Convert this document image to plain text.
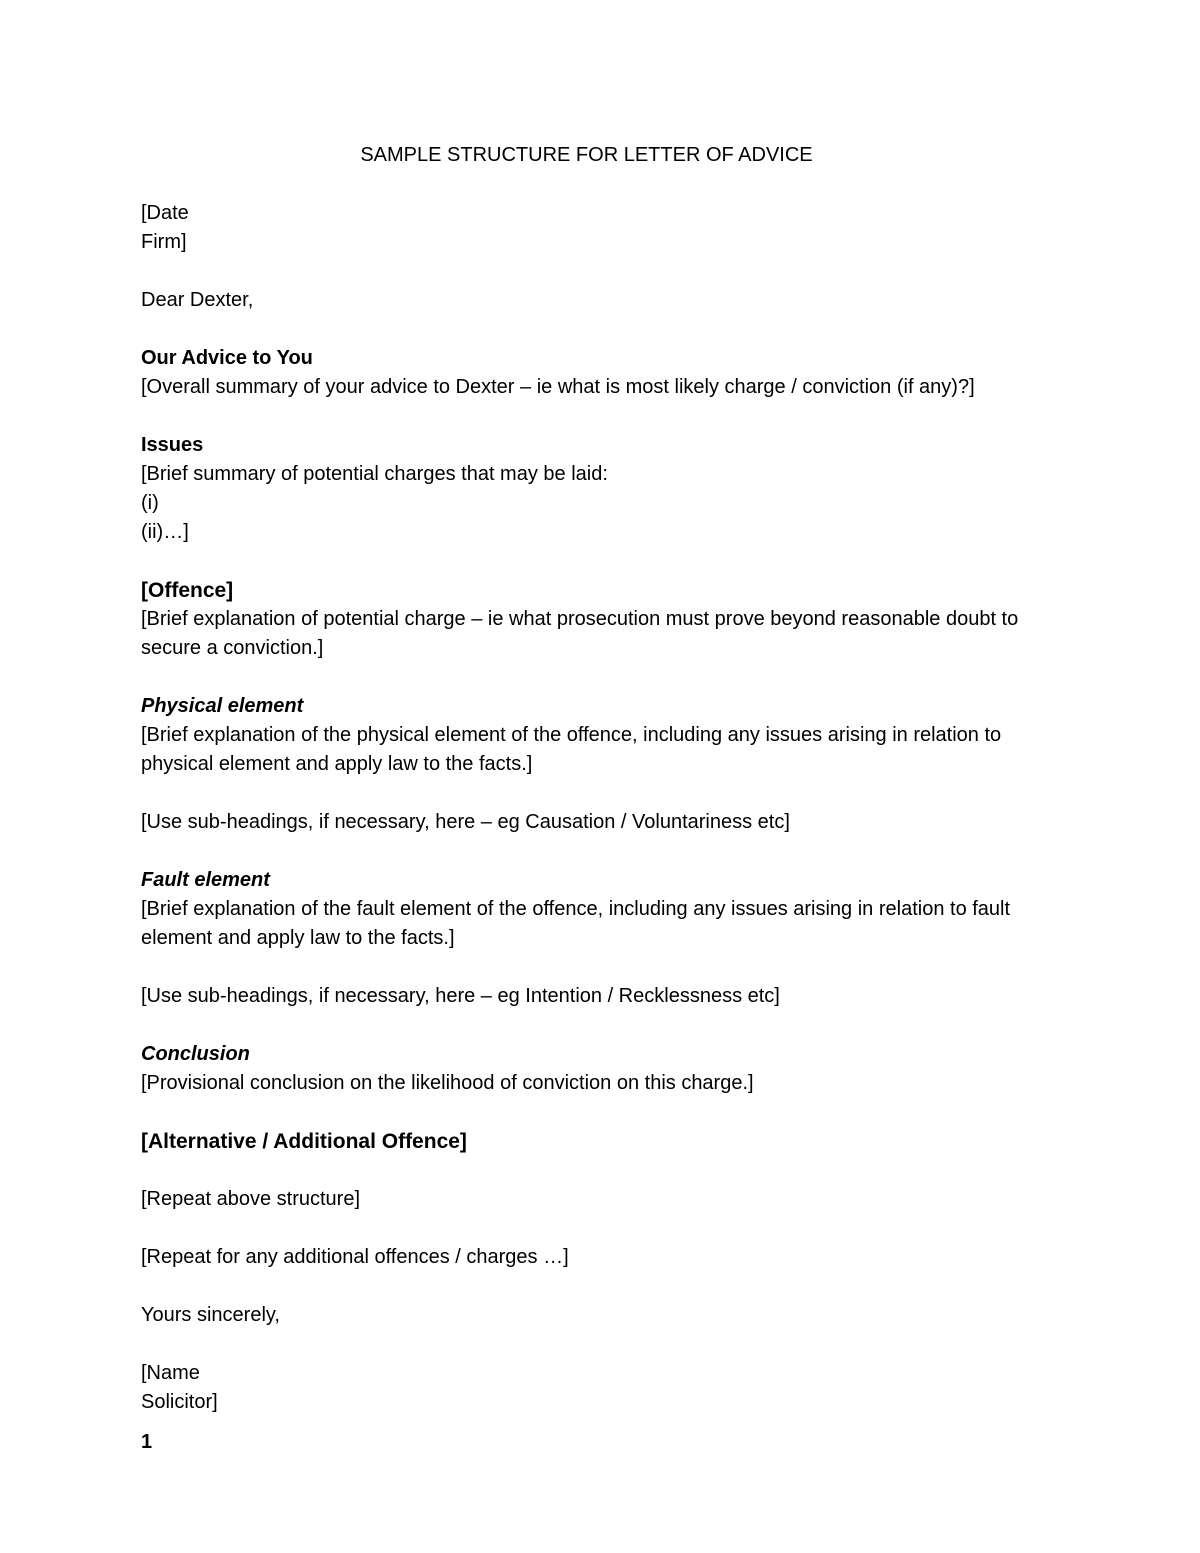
SAMPLE STRUCTURE FOR LETTER OF ADVICE

[Date

Firm]

Dear Dexter,

Our Advice to You

[Overall summary of your advice to Dexter – ie what is most likely charge / conviction (if any)?]

Issues

[Brief summary of potential charges that may be laid:

(i)

(ii)…]

[Offence]

[Brief explanation of potential charge – ie what prosecution must prove beyond reasonable doubt to secure a conviction.]

Physical element

[Brief explanation of the physical element of the offence, including any issues arising in relation to physical element and apply law to the facts.]

[Use sub-headings, if necessary, here – eg Causation / Voluntariness etc]

Fault element

[Brief explanation of the fault element of the offence, including any issues arising in relation to fault element and apply law to the facts.]

[Use sub-headings, if necessary, here – eg Intention / Recklessness etc]

Conclusion

[Provisional conclusion on the likelihood of conviction on this charge.]

[Alternative / Additional Offence]

[Repeat above structure]

[Repeat for any additional offences / charges …]

Yours sincerely,

[Name

Solicitor]

1
